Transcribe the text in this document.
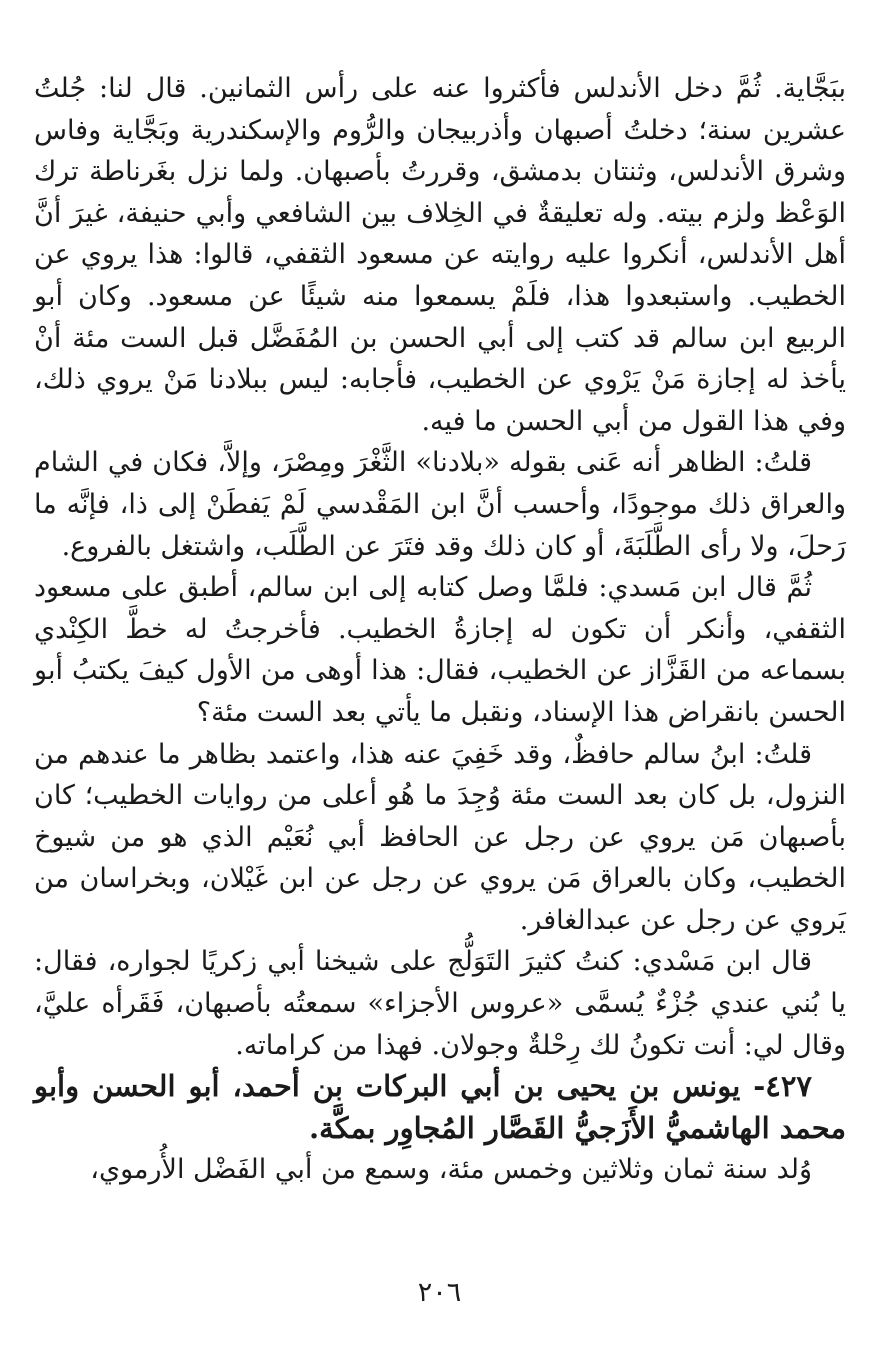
ببَجَّاية. ثُمَّ دخل الأندلس فأكثروا عنه على رأس الثمانين. قال لنا: جُلتُ عشرين سنة؛ دخلتُ أصبهان وأذربيجان والرُّوم والإسكندرية وبَجَّاية وفاس وشرق الأندلس، وثنتان بدمشق، وقررتُ بأصبهان. ولما نزل بغَرناطة ترك الوَعْظ ولزم بيته. وله تعليقةٌ في الخِلاف بين الشافعي وأبي حنيفة، غيرَ أنَّ أهل الأندلس، أنكروا عليه روايته عن مسعود الثقفي، قالوا: هذا يروي عن الخطيب. واستبعدوا هذا، فلَمْ يسمعوا منه شيئًا عن مسعود. وكان أبو الربيع ابن سالم قد كتب إلى أبي الحسن بن المُفَضَّل قبل الست مئة أنْ يأخذ له إجازة مَنْ يَرْوي عن الخطيب، فأجابه: ليس ببلادنا مَنْ يروي ذلك، وفي هذا القول من أبي الحسن ما فيه.

قلتُ: الظاهر أنه عَنى بقوله «بلادنا» الثَّغْرَ ومِصْرَ، وإلاَّ، فكان في الشام والعراق ذلك موجودًا، وأحسب أنَّ ابن المَقْدسي لَمْ يَفطَنْ إلى ذا، فإنَّه ما رَحلَ، ولا رأى الطَّلَبَةَ، أو كان ذلك وقد فتَرَ عن الطَّلَب، واشتغل بالفروع.

ثُمَّ قال ابن مَسدي: فلمَّا وصل كتابه إلى ابن سالم، أطبق على مسعود الثقفي، وأنكر أن تكون له إجازةُ الخطيب. فأخرجتُ له خطَّ الكِنْدي بسماعه من القَزَّاز عن الخطيب، فقال: هذا أوهى من الأول كيفَ يكتبُ أبو الحسن بانقراض هذا الإسناد، ونقبل ما يأتي بعد الست مئة؟

قلتُ: ابنُ سالم حافظٌ، وقد خَفِيَ عنه هذا، واعتمد بظاهر ما عندهم من النزول، بل كان بعد الست مئة وُجِدَ ما هُو أعلى من روايات الخطيب؛ كان بأصبهان مَن يروي عن رجل عن الحافظ أبي نُعَيْم الذي هو من شيوخ الخطيب، وكان بالعراق مَن يروي عن رجل عن ابن غَيْلان، وبخراسان من يَروي عن رجل عن عبدالغافر.

قال ابن مَسْدي: كنتُ كثيرَ التَوَلُّج على شيخنا أبي زكريًا لجواره، فقال: يا بُني عندي جُزْءٌ يُسمَّى «عروس الأجزاء» سمعتُه بأصبهان، فَقَرأه عليَّ، وقال لي: أنت تكونُ لك رِحْلةٌ وجولان. فهذا من كراماته.

٤٢٧- يونس بن يحيى بن أبي البركات بن أحمد، أبو الحسن وأبو محمد الهاشميُّ الأَزَجيُّ القَصَّار المُجاوِر بمكَّة.

وُلد سنة ثمان وثلاثين وخمس مئة، وسمع من أبي الفَضْل الأُرموي،

٢٠٦
